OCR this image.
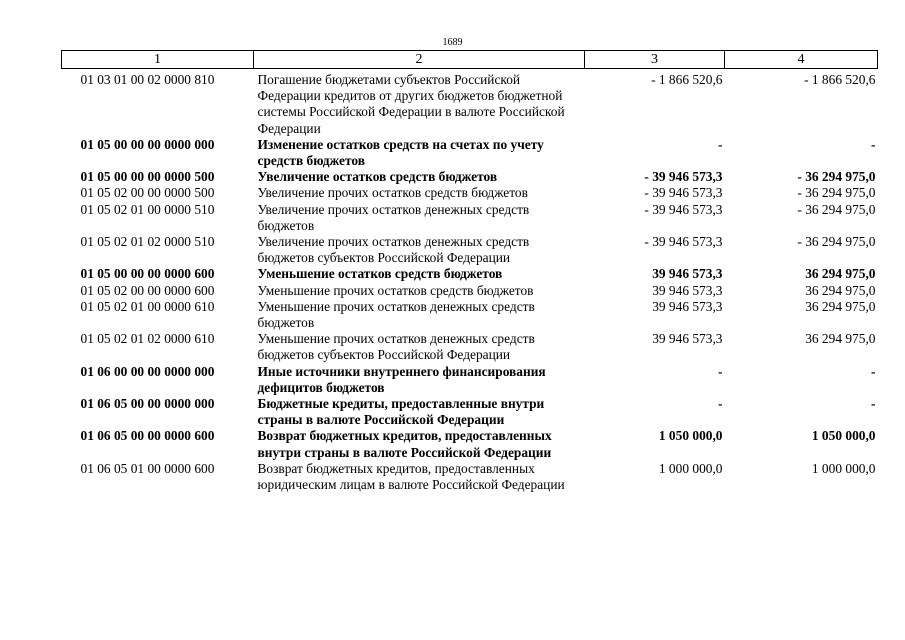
1689
1	2	3	4
01 03 01 00 02 0000 810	Погашение бюджетами субъектов Российской Федерации кредитов от других бюджетов бюджетной системы Российской Федерации в валюте Российской Федерации	- 1 866 520,6	- 1 866 520,6
01 05 00 00 00 0000 000	Изменение остатков средств на счетах по учету средств бюджетов	-	-
01 05 00 00 00 0000 500	Увеличение остатков средств бюджетов	- 39 946 573,3	- 36 294 975,0
01 05 02 00 00 0000 500	Увеличение прочих остатков средств бюджетов	- 39 946 573,3	- 36 294 975,0
01 05 02 01 00 0000 510	Увеличение прочих остатков денежных средств бюджетов	- 39 946 573,3	- 36 294 975,0
01 05 02 01 02 0000 510	Увеличение прочих остатков денежных средств бюджетов субъектов Российской Федерации	- 39 946 573,3	- 36 294 975,0
01 05 00 00 00 0000 600	Уменьшение остатков средств бюджетов	39 946 573,3	36 294 975,0
01 05 02 00 00 0000 600	Уменьшение прочих остатков средств бюджетов	39 946 573,3	36 294 975,0
01 05 02 01 00 0000 610	Уменьшение прочих остатков денежных средств бюджетов	39 946 573,3	36 294 975,0
01 05 02 01 02 0000 610	Уменьшение прочих остатков денежных средств бюджетов субъектов Российской Федерации	39 946 573,3	36 294 975,0
01 06 00 00 00 0000 000	Иные источники внутреннего финансирования дефицитов бюджетов	-	-
01 06 05 00 00 0000 000	Бюджетные кредиты, предоставленные внутри страны в валюте Российской Федерации	-	-
01 06 05 00 00 0000 600	Возврат бюджетных кредитов, предоставленных внутри страны в валюте Российской Федерации	1 050 000,0	1 050 000,0
01 06 05 01 00 0000 600	Возврат бюджетных кредитов, предоставленных юридическим лицам в валюте Российской Федерации	1 000 000,0	1 000 000,0
